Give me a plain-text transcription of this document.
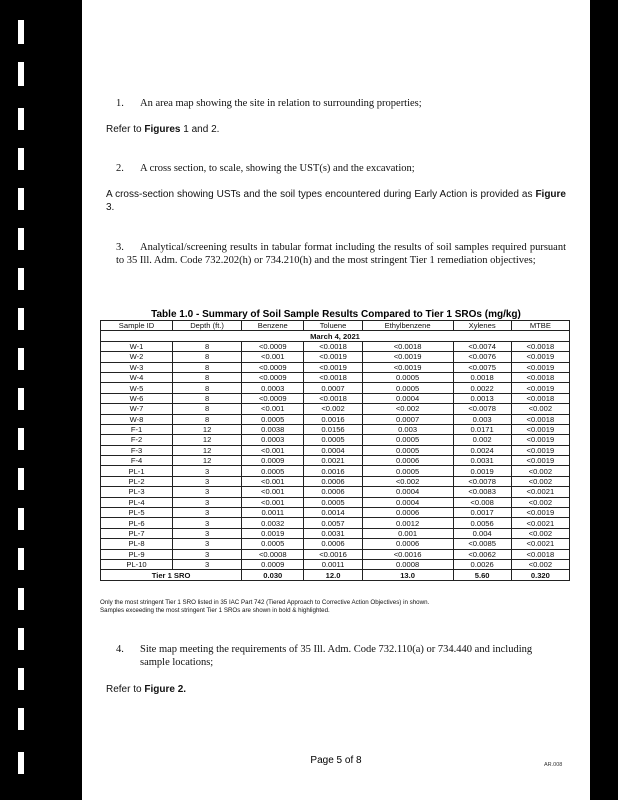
1. An area map showing the site in relation to surrounding properties;
Refer to Figures 1 and 2.
2. A cross section, to scale, showing the UST(s) and the excavation;
A cross-section showing USTs and the soil types encountered during Early Action is provided as Figure 3.
3. Analytical/screening results in tabular format including the results of soil samples required pursuant to 35 Ill. Adm. Code 732.202(h) or 734.210(h) and the most stringent Tier 1 remediation objectives;
Table 1.0 - Summary of Soil Sample Results Compared to Tier 1 SROs (mg/kg)
Sample ID	Depth (ft.)	Benzene	Toluene	Ethylbenzene	Xylenes	MTBE
March 4, 2021						
W-1	8	<0.0009	<0.0018	<0.0018	<0.0074	<0.0018
W-2	8	<0.001	<0.0019	<0.0019	<0.0076	<0.0019
W-3	8	<0.0009	<0.0019	<0.0019	<0.0075	<0.0019
W-4	8	<0.0009	<0.0018	0.0005	0.0018	<0.0018
W-5	8	0.0003	0.0007	0.0005	0.0022	<0.0019
W-6	8	<0.0009	<0.0018	0.0004	0.0013	<0.0018
W-7	8	<0.001	<0.002	<0.002	<0.0078	<0.002
W-8	8	0.0005	0.0016	0.0007	0.003	<0.0018
F-1	12	0.0038	0.0156	0.003	0.0171	<0.0019
F-2	12	0.0003	0.0005	0.0005	0.002	<0.0019
F-3	12	<0.001	0.0004	0.0005	0.0024	<0.0019
F-4	12	0.0009	0.0021	0.0006	0.0031	<0.0019
PL-1	3	0.0005	0.0016	0.0005	0.0019	<0.002
PL-2	3	<0.001	0.0006	<0.002	<0.0078	<0.002
PL-3	3	<0.001	0.0006	0.0004	<0.0083	<0.0021
PL-4	3	<0.001	0.0005	0.0004	<0.008	<0.002
PL-5	3	0.0011	0.0014	0.0006	0.0017	<0.0019
PL-6	3	0.0032	0.0057	0.0012	0.0056	<0.0021
PL-7	3	0.0019	0.0031	0.001	0.004	<0.002
PL-8	3	0.0005	0.0006	0.0006	<0.0085	<0.0021
PL-9	3	<0.0008	<0.0016	<0.0016	<0.0062	<0.0018
PL-10	3	0.0009	0.0011	0.0008	0.0026	<0.002
Tier 1 SRO		0.030	12.0	13.0	5.60	0.320
Only the most stringent Tier 1 SRO listed in 35 IAC Part 742 (Tiered Approach to Corrective Action Objectives) in shown.
Samples exceeding the most stringent Tier 1 SROs are shown in bold & highlighted.
4. Site map meeting the requirements of 35 Ill. Adm. Code 732.110(a) or 734.440 and including sample locations;
Refer to Figure 2.
Page 5 of 8	AR.008
